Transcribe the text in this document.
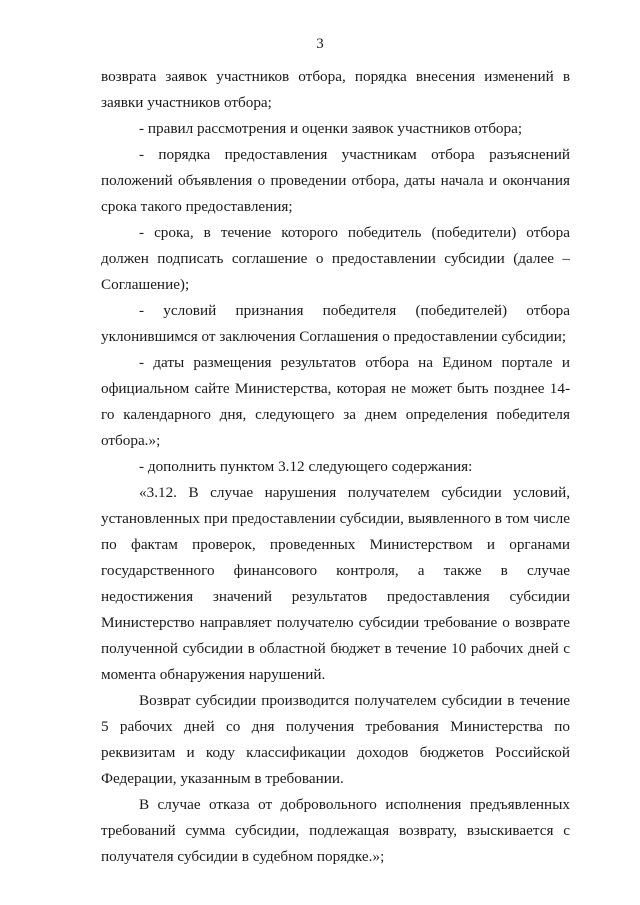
3

возврата заявок участников отбора, порядка внесения изменений в заявки участников отбора;

- правил рассмотрения и оценки заявок участников отбора;

- порядка предоставления участникам отбора разъяснений положений объявления о проведении отбора, даты начала и окончания срока такого предоставления;

- срока, в течение которого победитель (победители) отбора должен подписать соглашение о предоставлении субсидии (далее – Соглашение);

- условий признания победителя (победителей) отбора уклонившимся от заключения Соглашения о предоставлении субсидии;

- даты размещения результатов отбора на Едином портале и официальном сайте Министерства, которая не может быть позднее 14-го календарного дня, следующего за днем определения победителя отбора.»;

- дополнить пунктом 3.12 следующего содержания:

«3.12. В случае нарушения получателем субсидии условий, установленных при предоставлении субсидии, выявленного в том числе по фактам проверок, проведенных Министерством и органами государственного финансового контроля, а также в случае недостижения значений результатов предоставления субсидии Министерство направляет получателю субсидии требование о возврате полученной субсидии в областной бюджет в течение 10 рабочих дней с момента обнаружения нарушений.

Возврат субсидии производится получателем субсидии в течение 5 рабочих дней со дня получения требования Министерства по реквизитам и коду классификации доходов бюджетов Российской Федерации, указанным в требовании.

В случае отказа от добровольного исполнения предъявленных требований сумма субсидии, подлежащая возврату, взыскивается с получателя субсидии в судебном порядке.»;
